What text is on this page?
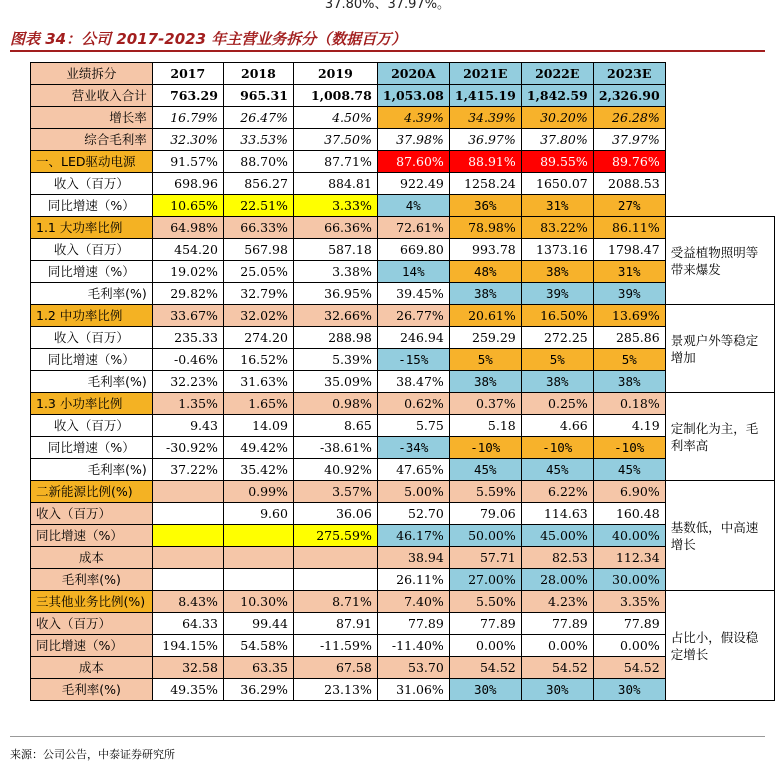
37.80%、37.97%。
图表 34：公司 2017-2023 年主营业务拆分（数据百万）
业绩拆分	2017	2018	2019	2020A	2021E	2022E	2023E	
营业收入合计	763.29	965.31	1,008.78	1,053.08	1,415.19	1,842.59	2,326.90	
增长率	16.79%	26.47%	4.50%	4.39%	34.39%	30.20%	26.28%	
综合毛利率	32.30%	33.53%	37.50%	37.98%	36.97%	37.80%	37.97%	
一、LED驱动电源	91.57%	88.70%	87.71%	87.60%	88.91%	89.55%	89.76%	
收入（百万）	698.96	856.27	884.81	922.49	1258.24	1650.07	2088.53	
同比增速（%）	10.65%	22.51%	3.33%	4%	36%	31%	27%	
1.1 大功率比例	64.98%	66.33%	66.36%	72.61%	78.98%	83.22%	86.11%	受益植物照明等带来爆发
收入（百万）	454.20	567.98	587.18	669.80	993.78	1373.16	1798.47	
同比增速（%）	19.02%	25.05%	3.38%	14%	48%	38%	31%	
毛利率(%)	29.82%	32.79%	36.95%	39.45%	38%	39%	39%	
1.2 中功率比例	33.67%	32.02%	32.66%	26.77%	20.61%	16.50%	13.69%	景观户外等稳定增加
收入（百万）	235.33	274.20	288.98	246.94	259.29	272.25	285.86	
同比增速（%）	-0.46%	16.52%	5.39%	-15%	5%	5%	5%	
毛利率(%)	32.23%	31.63%	35.09%	38.47%	38%	38%	38%	
1.3 小功率比例	1.35%	1.65%	0.98%	0.62%	0.37%	0.25%	0.18%	定制化为主，毛利率高
收入（百万）	9.43	14.09	8.65	5.75	5.18	4.66	4.19	
同比增速（%）	-30.92%	49.42%	-38.61%	-34%	-10%	-10%	-10%	
毛利率(%)	37.22%	35.42%	40.92%	47.65%	45%	45%	45%	
二新能源比例(%)		0.99%	3.57%	5.00%	5.59%	6.22%	6.90%	基数低，中高速增长
收入（百万）		9.60	36.06	52.70	79.06	114.63	160.48	
同比增速（%）			275.59%	46.17%	50.00%	45.00%	40.00%	
成本				38.94	57.71	82.53	112.34	
毛利率(%)				26.11%	27.00%	28.00%	30.00%	
三其他业务比例(%)	8.43%	10.30%	8.71%	7.40%	5.50%	4.23%	3.35%	占比小，假设稳定增长
收入（百万）	64.33	99.44	87.91	77.89	77.89	77.89	77.89	
同比增速（%）	194.15%	54.58%	-11.59%	-11.40%	0.00%	0.00%	0.00%	
成本	32.58	63.35	67.58	53.70	54.52	54.52	54.52	
毛利率(%)	49.35%	36.29%	23.13%	31.06%	30%	30%	30%	
来源：公司公告，中泰证券研究所
